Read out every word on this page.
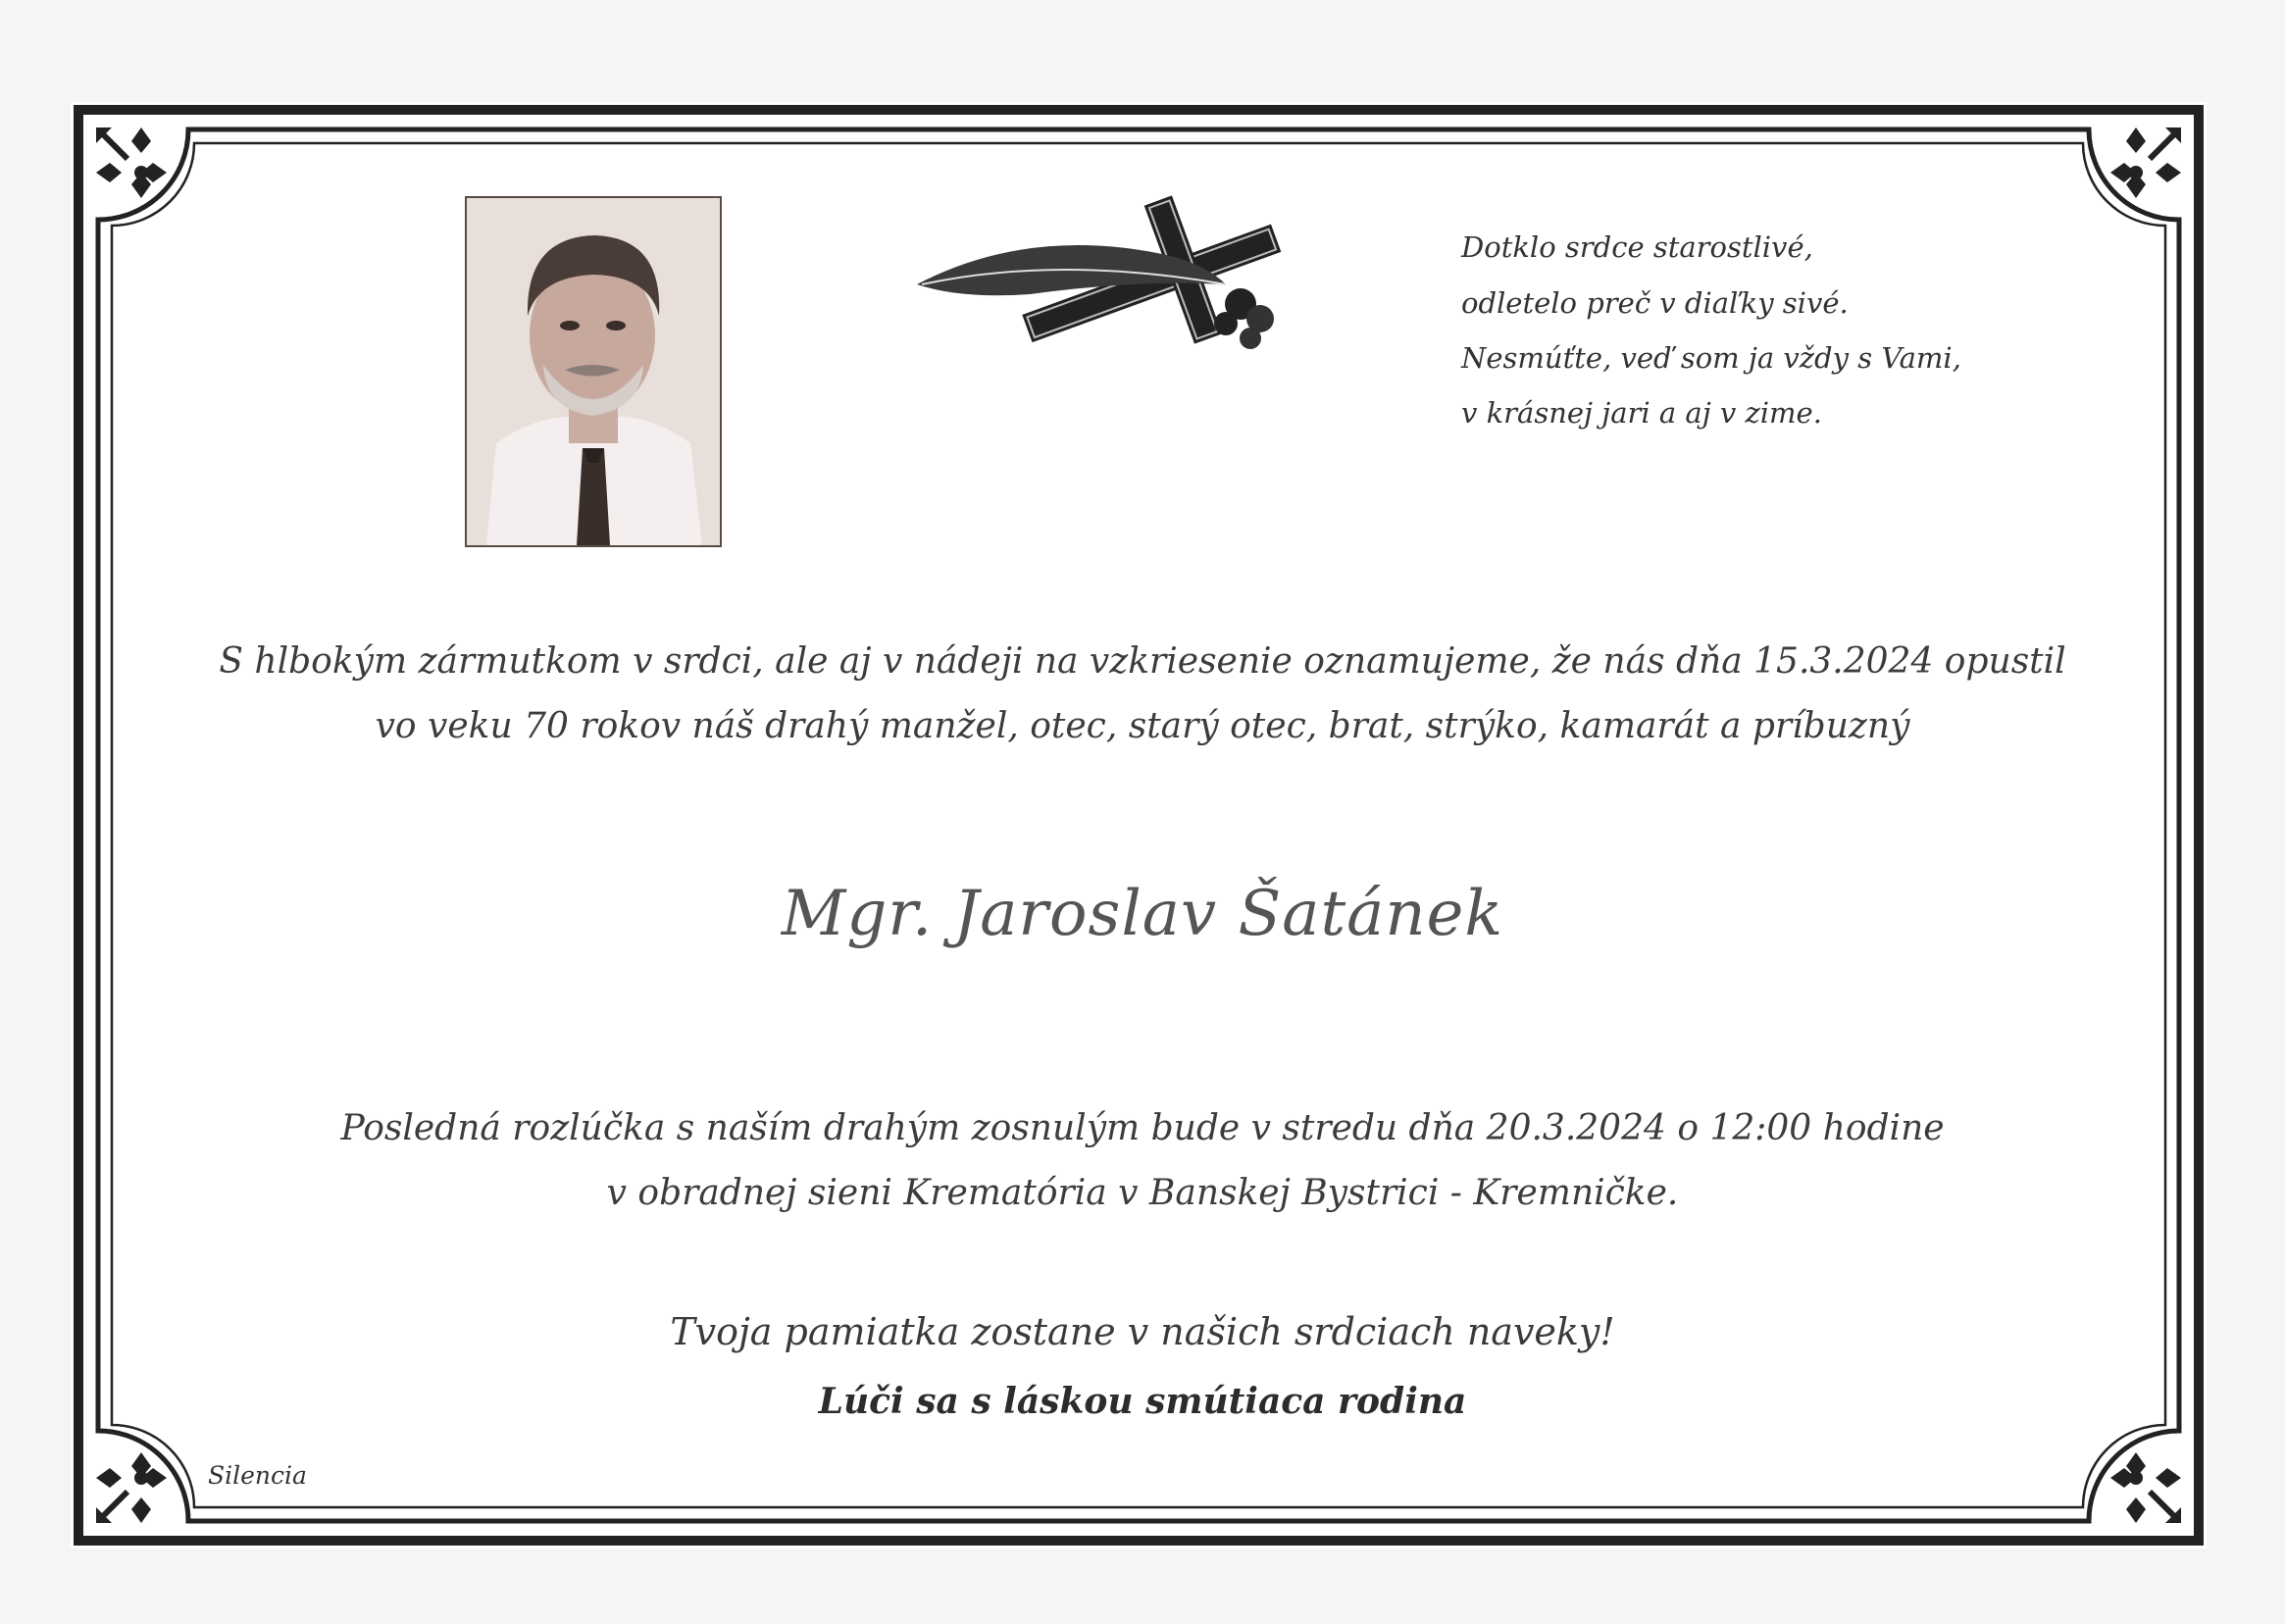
Dotklo srdce starostlivé,
odletelo preč v diaľky sivé.
Nesmúťte, veď som ja vždy s Vami,
v krásnej jari a aj v zime.
S hlbokým zármutkom v srdci, ale aj v nádeji na vzkriesenie oznamujeme, že nás dňa 15.3.2024 opustil
vo veku 70 rokov náš drahý manžel, otec, starý otec, brat, strýko, kamarát a príbuzný
Mgr. Jaroslav Šatánek
Posledná rozlúčka s naším drahým zosnulým bude v stredu dňa 20.3.2024 o 12:00 hodine
v obradnej sieni Krematória v Banskej Bystrici - Kremničke.
Tvoja pamiatka zostane v našich srdciach naveky!
Lúči sa s láskou smútiaca rodina
Silencia
